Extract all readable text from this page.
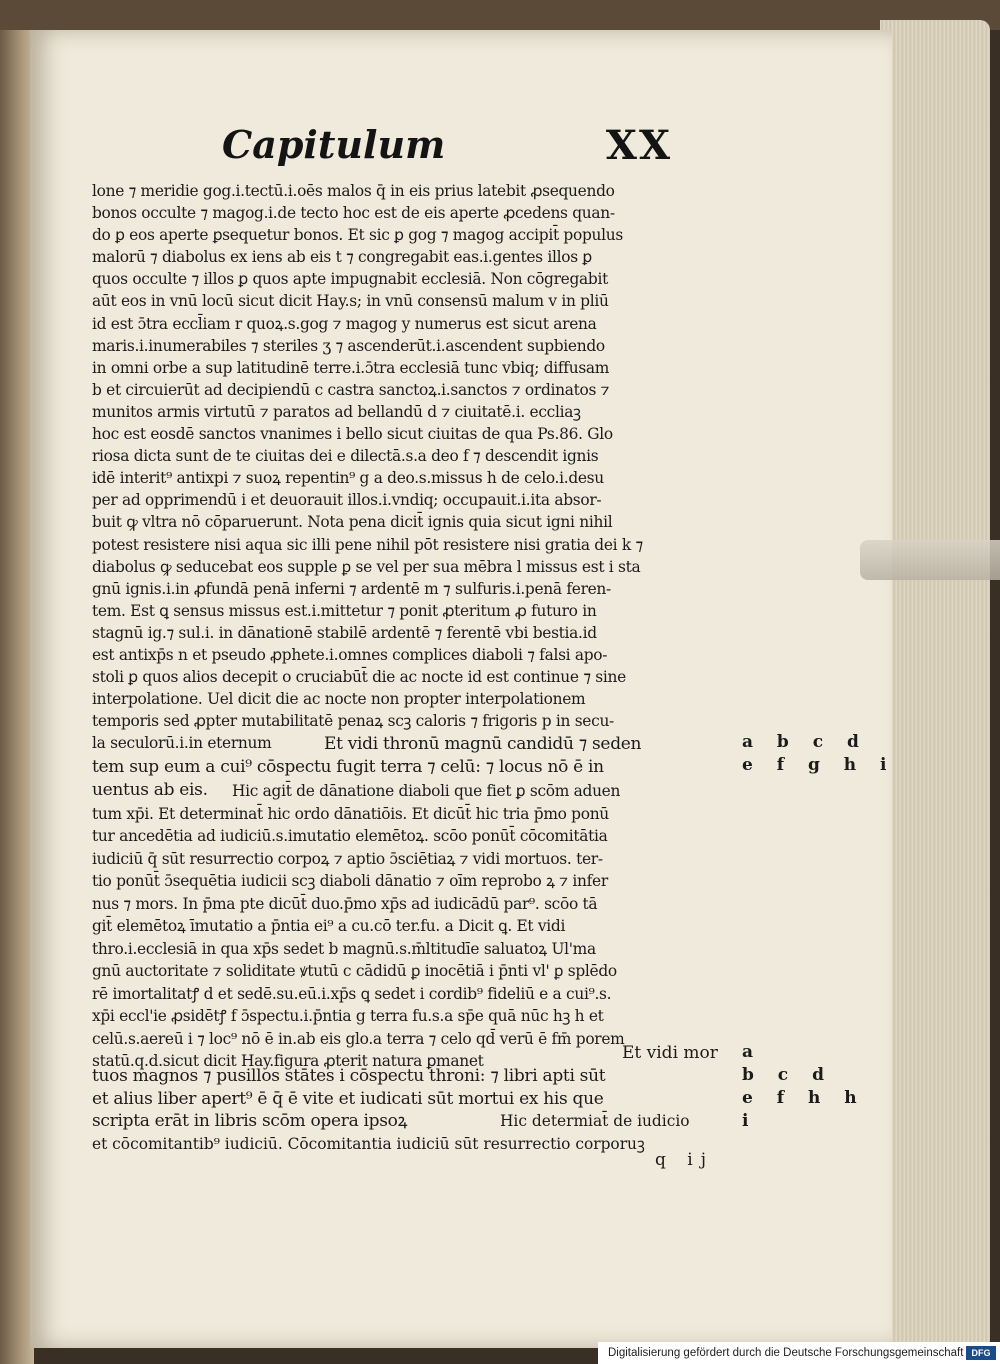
Capitulum	XX
lone ⁊ meridie gog.i.tectū.i.oēs malos q̄ in eis prius latebit ꝓsequendo
bonos occulte ⁊ magog.i.de tecto hoc est de eis aperte ꝓcedens quan-
do ꝑ eos aperte ꝑsequetur bonos. Et sic ꝑ gog ⁊ magog accipit̄ populus
malorū ⁊ diabolus ex iens ab eis t ⁊ congregabit eas.i.gentes illos ꝑ
quos occulte ⁊ illos ꝑ quos apte impugnabit ecclesiā. Non cōgregabit
aūt eos in vnū locū sicut dicit Hay.s; in vnū consensū malum v in pliū
id est ɔ̄tra eccl̄iam r quoꝝ.s.gog ⁊ magog y numerus est sicut arena
maris.i.inumerabiles ⁊ steriles ʒ ⁊ ascenderūt.i.ascendent supbiendo
in omni orbe a sup latitudinē terre.i.ɔ̄tra ecclesiā tunc vbiq; diffusam
b et circuierūt ad decipiendū c castra sanctoꝝ.i.sanctos ⁊ ordinatos ⁊
munitos armis virtutū ⁊ paratos ad bellandū d ⁊ ciuitatē.i. eccliaꝫ
hoc est eosdē sanctos vnanimes i bello sicut ciuitas de qua Ps.86. Glo
riosa dicta sunt de te ciuitas dei e dilectā.s.a deo f ⁊ descendit ignis
idē interit⁹ antixpi ⁊ suoꝝ repentin⁹ g a deo.s.missus h de celo.i.desu
per ad opprimendū i et deuorauit illos.i.vndiq; occupauit.i.ita absor-
buit ꝙ vltra nō cōparuerunt. Nota pena dicit̄ ignis quia sicut igni nihil
potest resistere nisi aqua sic illi pene nihil pōt resistere nisi gratia dei k ⁊
diabolus ꝙ seducebat eos supple ꝑ se vel per sua mēbra l missus est i sta
gnū ignis.i.in ꝓfundā penā inferni ⁊ ardentē m ⁊ sulfuris.i.penā feren-
tem. Est ꝗ sensus missus est.i.mittetur ⁊ ponit ꝓteritum ꝓ futuro in
stagnū ig.⁊ sul.i. in dānationē stabilē ardentē ⁊ ferentē vbi bestia.id
est antixp̄s n et pseudo ꝓphete.i.omnes complices diaboli ⁊ falsi apo-
stoli ꝑ quos alios decepit o cruciabūt̄ die ac nocte id est continue ⁊ sine
interpolatione. Uel dicit die ac nocte non propter interpolationem
temporis sed ꝓpter mutabilitatē penaꝝ scꝫ caloris ⁊ frigoris p in secu-
la seculorū.i.in eternum	Et vidi thronū magnū candidū ⁊ seden
tem sup eum a cui⁹ cōspectu fugit terra ⁊ celū: ⁊ locus nō ē in
uentus ab eis.	Hic agit̄ de dānatione diaboli que fiet ꝑ scōm aduen
tum xp̄i. Et determinat̄ hic ordo dānatiōis. Et dicūt̄ hic tria p̄mo ponū
tur ancedētia ad iudiciū.s.imutatio elemētoꝝ. scōo ponūt̄ cōcomitātia
iudiciū q̄ sūt resurrectio corpoꝝ ⁊ aptio ɔ̄sciētiaꝝ ⁊ vidi mortuos. ter-
tio ponūt̄ ɔ̄sequētia iudicii scꝫ diaboli dānatio ⁊ oīm reprobo ꝝ ⁊ infer
nus ⁊ mors. In p̄ma pte dicūt̄ duo.p̄mo xp̄s ad iudicādū par⁹. scōo tā
git̄ elemētoꝝ īmutatio a p̄ntia ei⁹ a cu.cō ter.fu. a Dicit ꝗ. Et vidi
thro.i.ecclesiā in qua xp̄s sedet b magnū.s.m̄ltitudīe saluatoꝝ Ul'ma
gnū auctoritate ⁊ soliditate ꝟtutū c cādidū ꝑ inocētiā i p̄nti vl' ꝑ splēdo
rē imortalitatꝭ d et sedē.su.eū.i.xp̄s ꝗ sedet i cordib⁹ fideliū e a cui⁹.s.
xp̄i eccl'ie ꝓsidētꝭ f ɔ̄spectu.i.p̄ntia g terra fu.s.a sp̄e quā nūc hꝫ h et
celū.s.aereū i ⁊ loc⁹ nō ē in.ab eis glo.a terra ⁊ celo qd̄ verū ē fm̄ porem
statū.q.d.sicut dicit Hay.figura ꝓterit natura ꝑmanet	Et vidi mor
tuos magnos ⁊ pusillos stātes i cōspectu throni: ⁊ libri apti sūt
et alius liber apert⁹ ē q̄ ē vite et iudicati sūt mortui ex his que
scripta erāt in libris scōm opera ipsoꝝ	Hic determiat̄ de iudicio
et cōcomitantib⁹ iudiciū. Cōcomitantia iudiciū sūt resurrectio corporuꝫ
a b c d
e f g h i
a
b c d
e f h h
i
q ij
Digitalisierung gefördert durch die Deutsche Forschungsgemeinschaft DFG
